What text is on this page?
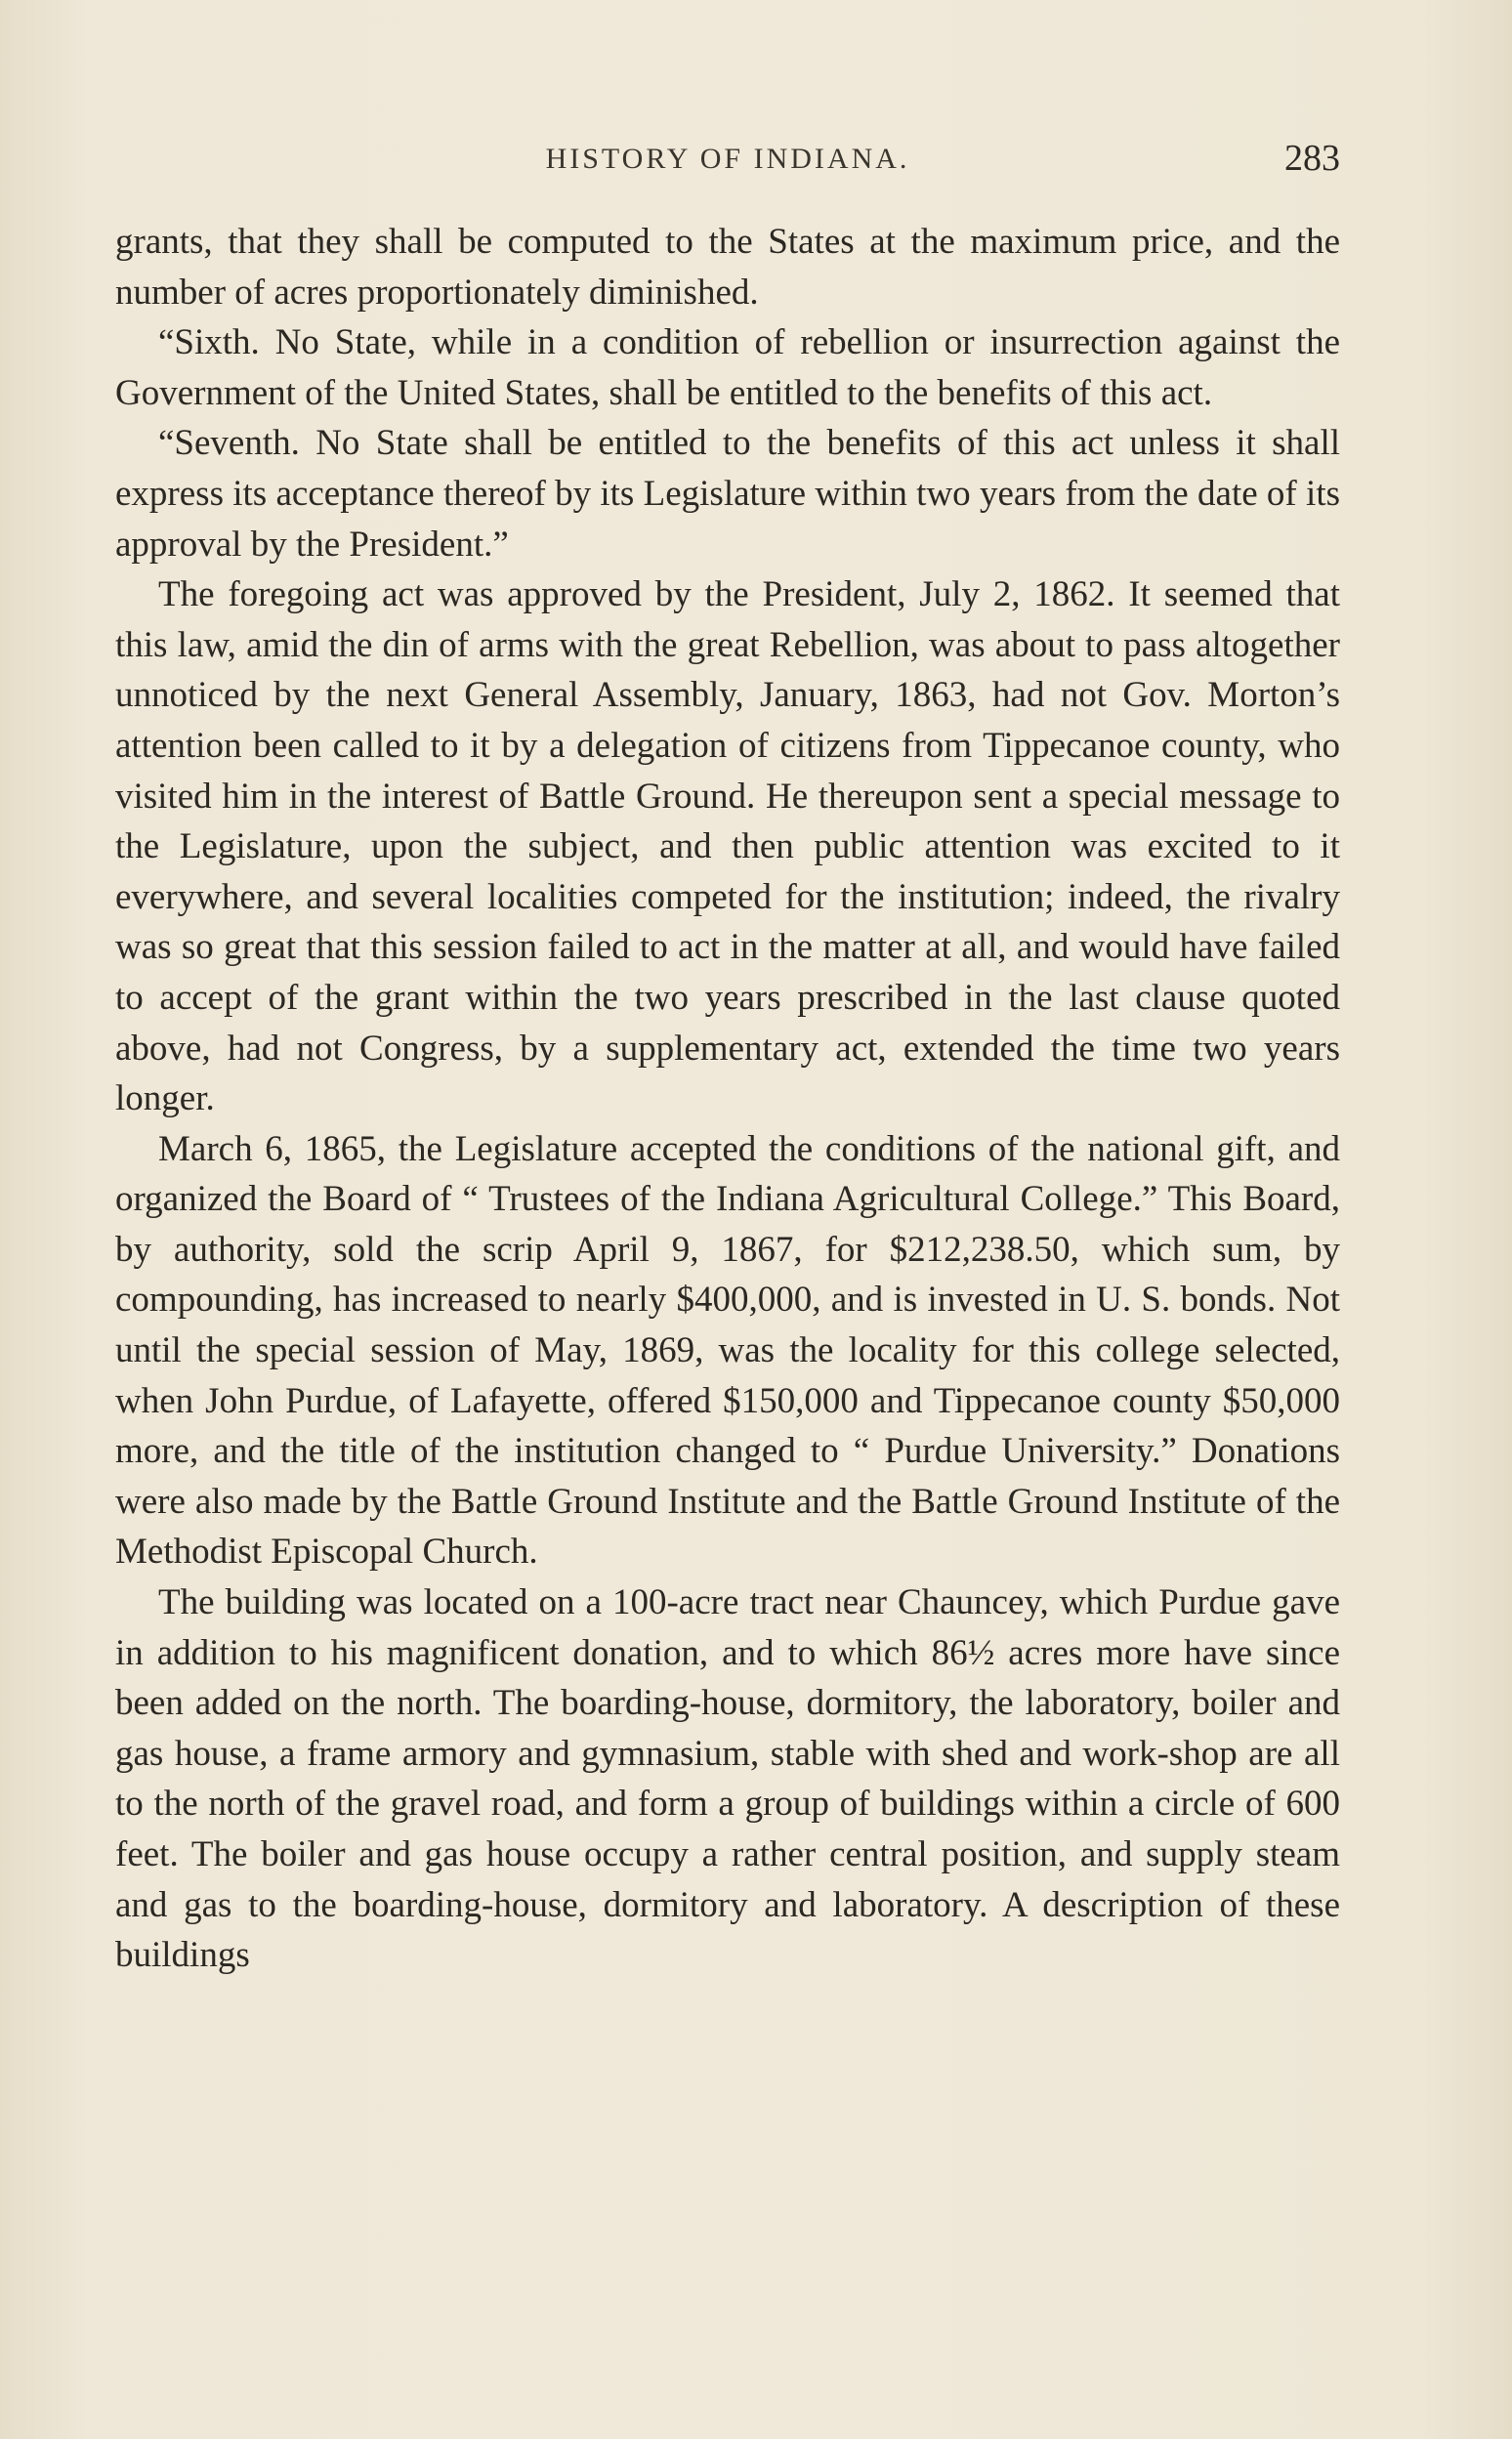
HISTORY OF INDIANA.	283

grants, that they shall be computed to the States at the maximum price, and the number of acres proportionately diminished.

“Sixth. No State, while in a condition of rebellion or insurrection against the Government of the United States, shall be entitled to the benefits of this act.

“Seventh. No State shall be entitled to the benefits of this act unless it shall express its acceptance thereof by its Legislature within two years from the date of its approval by the President.”

The foregoing act was approved by the President, July 2, 1862. It seemed that this law, amid the din of arms with the great Rebellion, was about to pass altogether unnoticed by the next General Assembly, January, 1863, had not Gov. Morton’s attention been called to it by a delegation of citizens from Tippecanoe county, who visited him in the interest of Battle Ground. He thereupon sent a special message to the Legislature, upon the subject, and then public attention was excited to it everywhere, and several localities competed for the institution; indeed, the rivalry was so great that this session failed to act in the matter at all, and would have failed to accept of the grant within the two years prescribed in the last clause quoted above, had not Congress, by a supplementary act, extended the time two years longer.

March 6, 1865, the Legislature accepted the conditions of the national gift, and organized the Board of “ Trustees of the Indiana Agricultural College.” This Board, by authority, sold the scrip April 9, 1867, for $212,238.50, which sum, by compounding, has increased to nearly $400,000, and is invested in U. S. bonds. Not until the special session of May, 1869, was the locality for this college selected, when John Purdue, of Lafayette, offered $150,000 and Tippecanoe county $50,000 more, and the title of the institution changed to “ Purdue University.” Donations were also made by the Battle Ground Institute and the Battle Ground Institute of the Methodist Episcopal Church.

The building was located on a 100-acre tract near Chauncey, which Purdue gave in addition to his magnificent donation, and to which 86½ acres more have since been added on the north. The boarding-house, dormitory, the laboratory, boiler and gas house, a frame armory and gymnasium, stable with shed and work-shop are all to the north of the gravel road, and form a group of buildings within a circle of 600 feet. The boiler and gas house occupy a rather central position, and supply steam and gas to the boarding-house, dormitory and laboratory. A description of these buildings
